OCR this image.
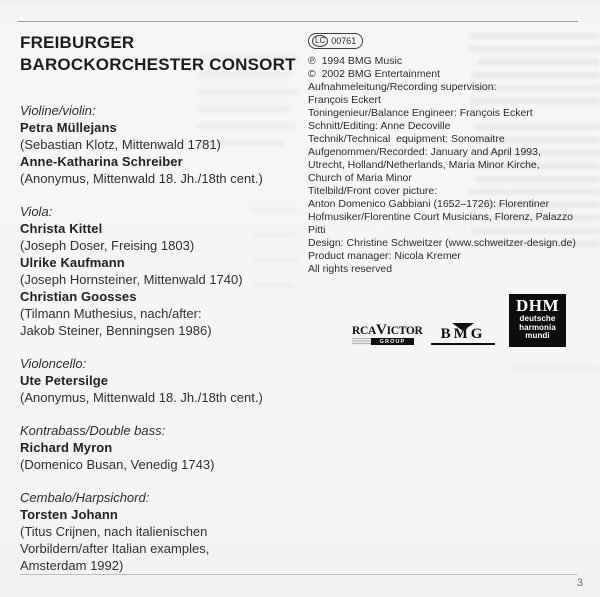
FREIBURGER
BAROCKORCHESTER CONSORT
Violine/violin:
Petra Müllejans
(Sebastian Klotz, Mittenwald 1781)
Anne-Katharina Schreiber
(Anonymus, Mittenwald 18. Jh./18th cent.)
Viola:
Christa Kittel
(Joseph Doser, Freising 1803)
Ulrike Kaufmann
(Joseph Hornsteiner, Mittenwald 1740)
Christian Goosses
(Tilmann Muthesius, nach/after:
Jakob Steiner, Benningsen 1986)
Violoncello:
Ute Petersilge
(Anonymus, Mittenwald 18. Jh./18th cent.)
Kontrabass/Double bass:
Richard Myron
(Domenico Busan, Venedig 1743)
Cembalo/Harpsichord:
Torsten Johann
(Titus Crijnen, nach italienischen
Vorbildern/after Italian examples,
Amsterdam 1992)
LC 00761
℗  1994 BMG Music
©  2002 BMG Entertainment
Aufnahmeleitung/Recording supervision:
François Eckert
Toningenieur/Balance Engineer: François Eckert
Schnitt/Editing: Anne Decoville
Technik/Technical  equipment: Sonomaitre
Aufgenommen/Recorded: January and April 1993,
Utrecht, Holland/Netherlands, Maria Minor Kirche,
Church of Maria Minor
Titelbild/Front cover picture:
Anton Domenico Gabbiani (1652–1726): Florentiner
Hofmusiker/Florentine Court Musicians, Florenz, Palazzo Pitti
Design: Christine Schweitzer (www.schweitzer-design.de)
Product manager: Nicola Kremer
All rights reserved
RCAVICTOR
GROUP	BMG
DHM
deutsche
harmonia
mundi
3
